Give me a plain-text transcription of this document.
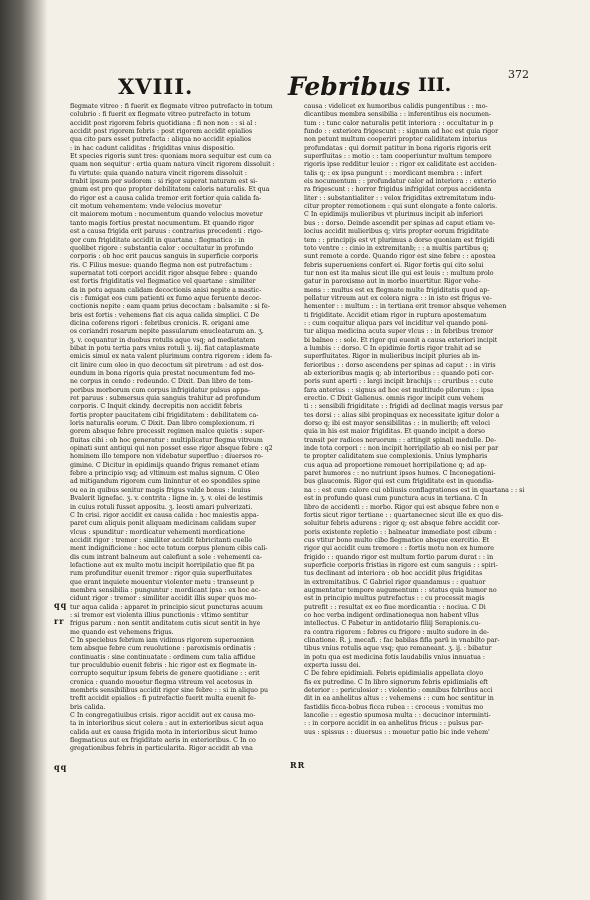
XVIII.	Febribus III.	372
flegmate vitreo : fi fuerit ex flegmate vitreo putrefacto in totum
colubrio : fi fuerit ex flegmate vitreo putrefacto in totum
accidit post rigorem febris quotidiana : fi non non : : si al :
accidit post rigorem febris : post rigorem accidit epialios
qua cito pars esset putrefacta : aliqua no accidit epialios
: in hac cadunt caliditas : frigiditas vnius dispositio.
Et species rigoris sunt tres: quoniam mora sequitur est cum ca
quam non sequitur : ertia quam natura vincit rigorem dissoluit :
fu virtute: quia quando natura vincit rigorem dissoluit :
trabit ipsum per sudorem : si rigor superat naturam est si-
gnum est pro quo propter debilitatem caloris naturalis. Et qua
do rigor est a causa calida tremor erit fortior quia calida fa-
cit motum vehementem: vnde velocius movetur
cit maiorem motum : nocumentum quando velocius movetur
tanto magis fortius prestat nocumentum. Et quando rigor
est a causa frigida erit paruus : contrarius precedenti : rigo-
gor cum frigiditate accidit in quartana : flegmatica : in
quolibet rigore : substantia calor : occultatur in profundo
corporis : ob hoc erit paucus sanguis in superficie corporis
ris. C Filius mesue: quando flegma non est putrefactum :
supernatat toti corpori accidit rigor absque febre : quando
est fortis frigiditatis vel flegmatice vel quartane : similiter
da in potu aquam calidam decoctionis anisi nepite a mastic-
cis : fumigat eos cum patienti ex fumo aque feruente decoc-
coctionis nepite : eam quam prius decoctam : balsamite : si fe-
bris est fortis : vehemens fiat cis aqua calida simplici. C De
dicina coferens rigori : febribus cronicis. R. origani ame
os coriandri rosarum nepite passularum enucleatarum an. ʒ.
ʒ. v. coquantur in duobus rotulis aque vsq; ad medietatem
bibat in potu tertia pars vnius rotuli ʒ. iij. fiat cataplasmate
emicis simul ex nata valent plurimum contra rigorem : idem fa-
cit linire cum oleo in quo decoctum sit piretrum : ad est dos-
eundum in bona rigoris quia prestat nocumentum fed mo-
ne corpus in cendo : redeundo. C Dixit. Dan libro de tem-
poribus morborum cum corpus infrigidatur pulsus appa-
ret paruus : submersus quia sanguis trahitur ad profundum
corporis. C Inquit ckindy. decrepitis non accidit febris
fortis propter paucitatem cibi frigiditatem : debilitatem ca-
loris naturalis eorum. C Dixit. Dan libro complexionum. ri
gorem absque febre precessit regimen malce quietis : super-
fluitas cibi : ob hoc generatur : multiplicatur flegma vitreum
opinati sunt antiqui qui non posset esse rigor absque febre : q2
hominem illo tempore non videbatur superfluo : diuersos ro-
gimine. C Dicitur in epidimijs quando frigus remanet etiam
febre a principio vsq; ad vltimum est malus signum. C Oleo
ad mitigandum rigorem cum lininntur et eo spondiles spine
ou ea in quibus senitur magis frigus valde bonus : leuius
Bvalerit lignefac. ʒ. v. contrita : ligne in. ʒ. v. olei de lestimis
in cuius rotuli fusset appositu. ʒ. leosti amari pulverizati.
C In crisi. rigor accidit ex causa calida : hoc maiestis appa-
paret cum aliquis ponit aliquam medicinam calidam super
vlcus : spunditur : mordicatur vehementi mordicatione
accidit rigor : tremor : similiter accidit febricitanti cuelle
ment indignificione : hoc ecte totum corpus plenum cibis cali-
dis cum intrant balneum aut calefiunt a sole : vehementi ca-
lefactione aut ex multo motu incipit horripilatio que fit pa
rum profunditur euenit tremor : rigor quia superfluitates
que erant inquiete mouentur violenter metu : transeunt p
membra sensibilia : punguntur : mordicant ipsa : ex hoc ac-
cidunt rigor : tremor : similiter accidit illis super quos mo-
tur aqua calida : apparet in principio sicut puncturas acuum
: si tremor est violenta illius punctionis : vltimo sentitur
frigus parum : non sentit anditatem cutis sicut sentit in hye
me quando est vehemens frigus.
C In speciebus febrium iam vidimus rigorem superuenien
tem absque febre cum reuolutione : paroxismis ordinatis :
continuatis : sine continuatate : ordinem cum talia affidue
tur proculdubio euenit febris : hic rigor est ex flegmate in-
corrupto sequitur ipsum febris de genere quotidiane : : erit
cronica : quando mouetur flegma vitreum vel acetosus in
membris sensibilibus accidit rigor sine febre : : si in aliquo pu
trefit accidit epialios : fi putrefactio fuerit multa euenit fe-
bris calida.
C In congregatiuibus crisis. rigor accidit aut ex causa mo-
ta in interioribus sicut colera : aut in exterioribus sicut aqua
calida aut ex causa frigida mota in interioribus sicut humo
flegmaticus aut ex frigiditate aeris in exterioribus. C In co
gregationibus febris in particularita. Rigor accidit ab vna
causa : videlicet ex humoribus calidis pungentibus : : mo-
dicantibus membra sensibilia : : inferentibus eis nocumen-
tum : : tunc calor naturalis petit interiora : : occultatur in p
fundo : : exteriora frigescunt : : signum ad hoc est quia rigor
non petunt multum cooperiri propter caliditatem interius
profundatas : qui dormit patitur in bona rigoris rigoris erit
superfluitas : : motio : : tam cooperiuntur multum tempore
rigoris ipse redditur leuior : : rigor ex caliditate est acciden-
talis q; : ex ipsa pungunt : : mordicant membra : : infert
eis nocumentum : : profundatur calor ad interiora : : exterio
ra frigescunt : : horror frigidus infrigidat corpus accidenta
liter : : substantialiter : : velox frigiditas extremitatum indu-
citur propter remotionem : qui sunt elongate a fonte caloris.
C In epidimijs mulieribus vt plurimus incipit ab inferiori
bus : : dorso. Deinde ascendit per spinas ad caput etiam ve-
locius accidit mulieribus q; viris propter eorum frigiditate
tem : : principijs est vt plurimus a dorso quoniam est frigidi
toto ventre : : cinio in extremitanb; : : a multis partibus q;
sunt remote a corde. Quando rigor est sine febre : : apostea
febris superueniens confert ei. Rigor fortis qui cito solui
tur non est ita malus sicut ille qui est leuis : : multum prolo
gatur in paroxismo aut in morbo inuertitur. Rigor vehe-
mens : : multus est ex flegmate multe frigiditatis quod ap-
pellatur vitreum aut ex colera nigra : : in isto est frigus ve-
hementer : : multum : : in tertiana erit tremor absque vehemen
ti frigiditate. Accidit etiam rigor in ruptura apostematum
: : cum coquitur aliqua pars vel inciditur vel quando poni-
tur aliqua medicina acuta super vlcus : : in febribus tremor
bi balneo : : sole. Et rigor qui euenit a causa exteriori incipit
a lumbis : : dorso. C In epidimie fortis rigor trahit ad se
superfluitates. Rigor in mulieribus incipit pluries ab in-
ferioribus : : dorso ascendens per spinas ad caput : : in viris
ab exterioribus magis q; ab interioribus : : quando poti cor-
poris sunt aperti : : largi incipit brachijs : : cruribus : : cute
fara anterius : : signus ad hoc est multitudo pilorum : : ipsa
erectio. C Dixit Galienus. omnis rigor incipit cum vehem
ti : : sensibili frigiditate : : frigidi ad declinat magis versus par
tes dorsi : : alias sibi propinquas ex necessitate igitur dolor a
dorso q; ibi est mayor sensibilitas : : in mulierib; eft veloci
quia in his est maior frigiditas. Et quando incipit a dorso
transit per radices neruorum : : attingit spinali medulle. De-
inde tota corpori : : non incipit horripilatio ab eo nisi per par
te propter caliditatem sue complexionis. Unius lympharis
cus aqua ad proportione remouet horripilatione q; ad ap-
paret humores : : no nutriunt ipsos humos. C Inconegationi-
bus glaucomis. Rigor qui est cum frigiditate est in quondia-
na : : est cum calore cui obliusis conflagrationes est in quartana : : si
est in profundo quasi cum punctura acus in tertiana. C In
libro de accidenti : : morbo. Rigor qui est absque febre non e
fortis sicut rigor tertiane : : quartanecnec sicut ille ex quo dis-
soluitur febris adurens : rigor q; est absque febre accidit cor-
poris existente repletio : : balneatur immediate post cibum :
cus vtitur bono multo cibo flegmatico absque exercitio. Et
rigor qui accidit cum tremore : : fortis motu non ex humore
frigido : : quando rigor est multum fortio parum durat : : in
superficie corporis fristias in rigore est cum sanguis : : spiri-
tus declinant ad interiora : ob hoc accidit plus frigiditas
in extremitatibus. C Gabriel rigor quandamus : : quatuor
augmentatur tempore augumentum : : status quia humor no
est in principio multus putrefactus : : cu processit magis
putrefit : : resultat ex eo fiue mordicantia : : nociua. C Di
co hoc verba indigent ordinationequa non habent vllus
intellectus. C Pabetur in antidotario filiij Serapionis.cu-
ra contra rigorem : febres cu frigore : multo sudore in de-
clinatione. R. j. mecafi. : fac babilas fifla parū in vnabilto par-
tibus vnius rotulis aque vsq; quo remaneant. ʒ. ij. : bibatur
in potu qua est medicina fotis laudabilis vnius innuatua :
experta iussu dei.
C De febre epidimiali. Febris epidimialis appellata cloyo
fis ex putredine. C In libro signorum febris epidimialis eft
deterior : : periculosior : : violentio : omnibus febribus acci
dit in ea anhelitus altus : : vehemens : : cum hoc sentitur in
fastidiis ficca-bobus ficca rubea : : croceus : vomitus mo
lancolie : : egestio spumosa multa : : decucinor interminti-
: : in corpore accidit in ea anhelitus fricus : : pulsus par-
uus : spissus : : diuersus : : mouetur patio bic inde vehem'
qq
rr
qq	RR
